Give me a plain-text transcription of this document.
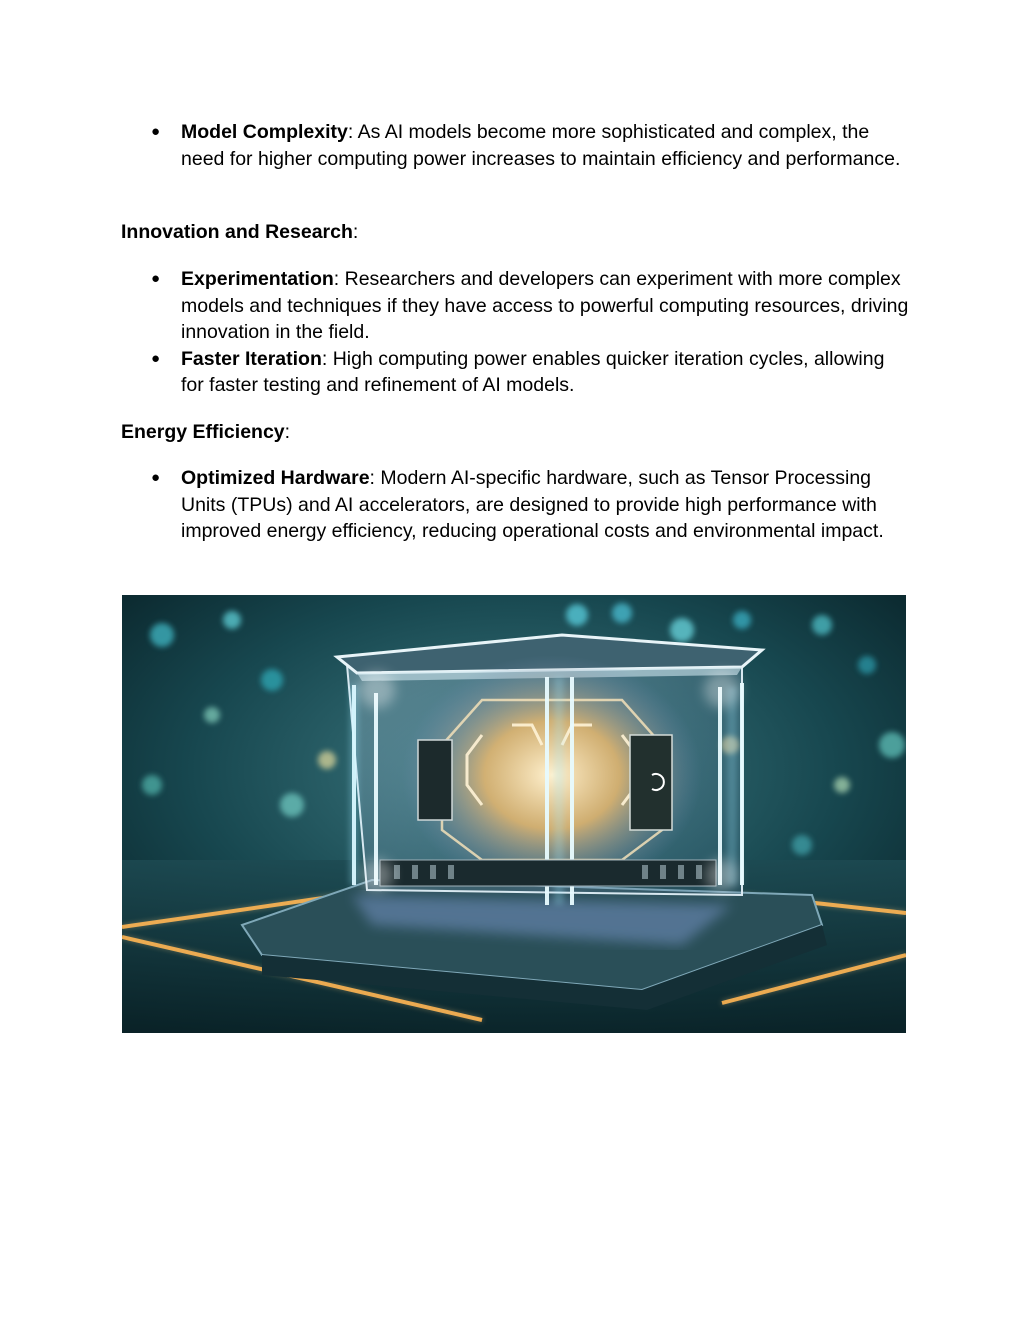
● Model Complexity: As AI models become more sophisticated and complex, the need for higher computing power increases to maintain efficiency and performance.

Innovation and Research:

● Experimentation: Researchers and developers can experiment with more complex models and techniques if they have access to powerful computing resources, driving innovation in the field.
● Faster Iteration: High computing power enables quicker iteration cycles, allowing for faster testing and refinement of AI models.

Energy Efficiency:

● Optimized Hardware: Modern AI-specific hardware, such as Tensor Processing Units (TPUs) and AI accelerators, are designed to provide high performance with improved energy efficiency, reducing operational costs and environmental impact.
